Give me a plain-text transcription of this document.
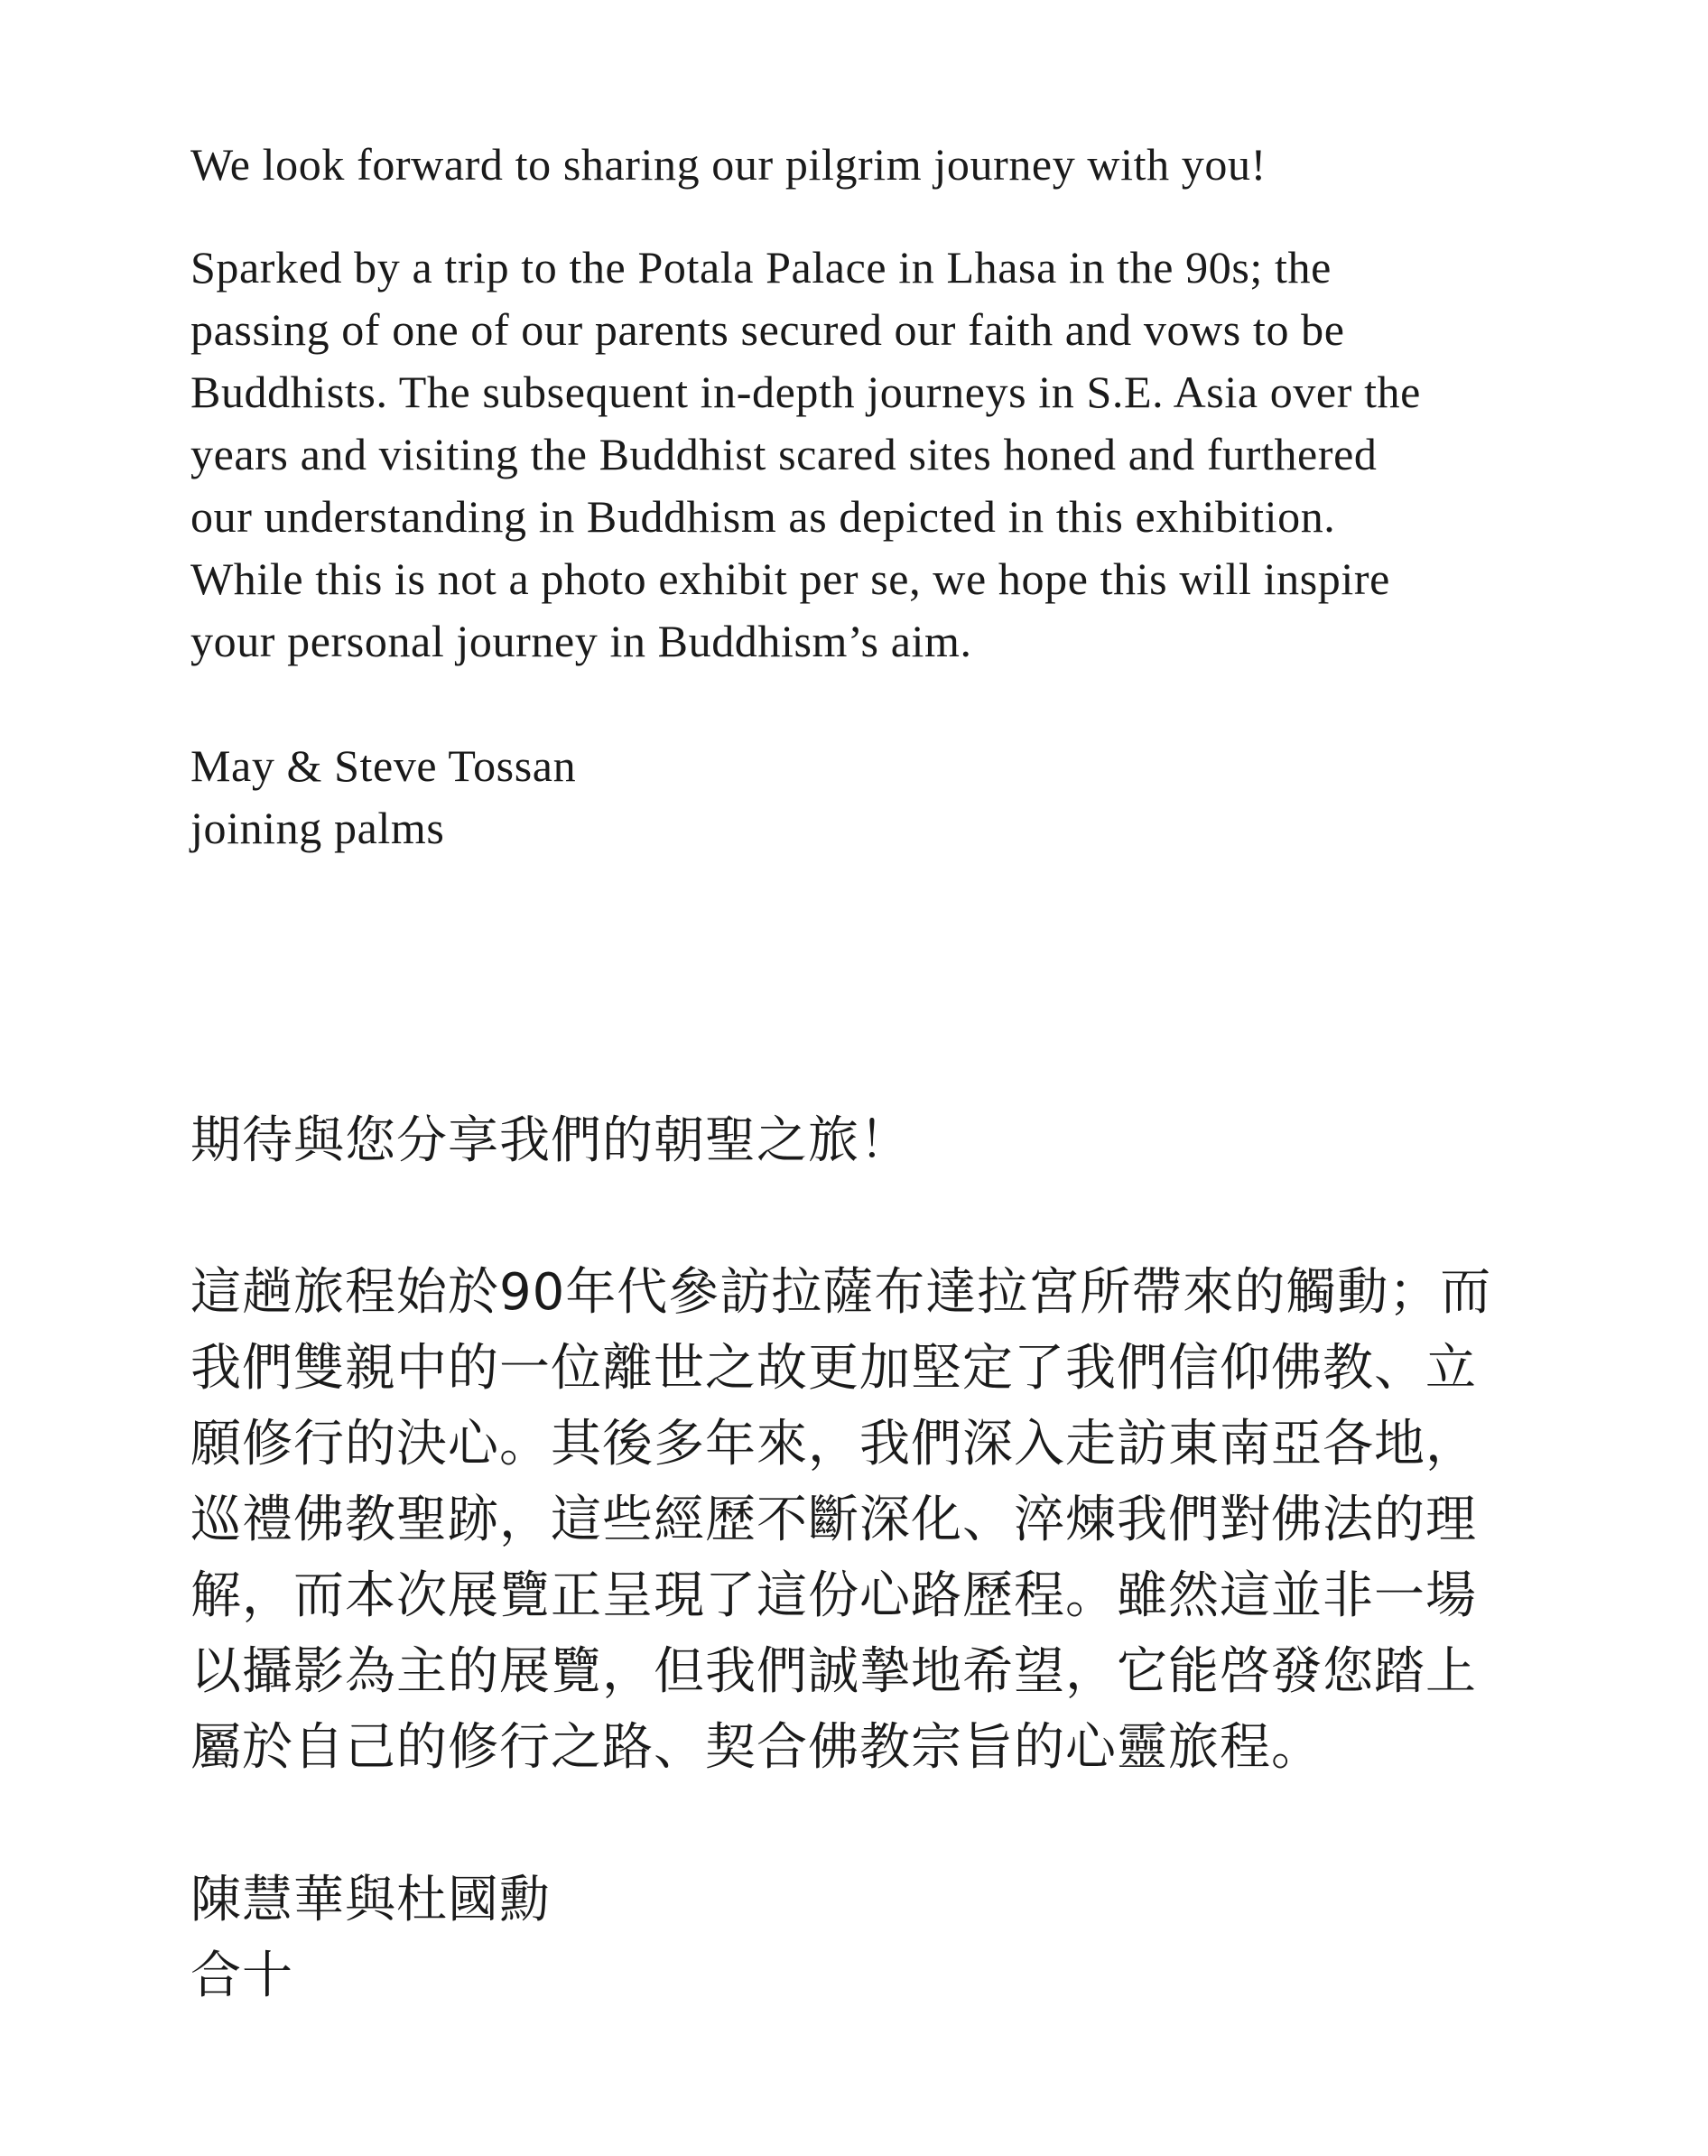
We look forward to sharing our pilgrim journey with you!

Sparked by a trip to the Potala Palace in Lhasa in the 90s; the
passing of one of our parents secured our faith and vows to be
Buddhists. The subsequent in-depth journeys in S.E. Asia over the
years and visiting the Buddhist scared sites honed and furthered
our understanding in Buddhism as depicted in this exhibition.
While this is not a photo exhibit per se, we hope this will inspire
your personal journey in Buddhism’s aim.
May & Steve Tossan
joining palms

期待與您分享我們的朝聖之旅！

這趟旅程始於90年代參訪拉薩布達拉宮所帶來的觸動；而
我們雙親中的一位離世之故更加堅定了我們信仰佛教、立
願修行的決心。其後多年來，我們深入走訪東南亞各地，
巡禮佛教聖跡，這些經歷不斷深化、淬煉我們對佛法的理
解，而本次展覽正呈現了這份心路歷程。雖然這並非一場
以攝影為主的展覽，但我們誠摯地希望，它能啓發您踏上
屬於自己的修行之路、契合佛教宗旨的心靈旅程。
陳慧華與杜國勳
合十
